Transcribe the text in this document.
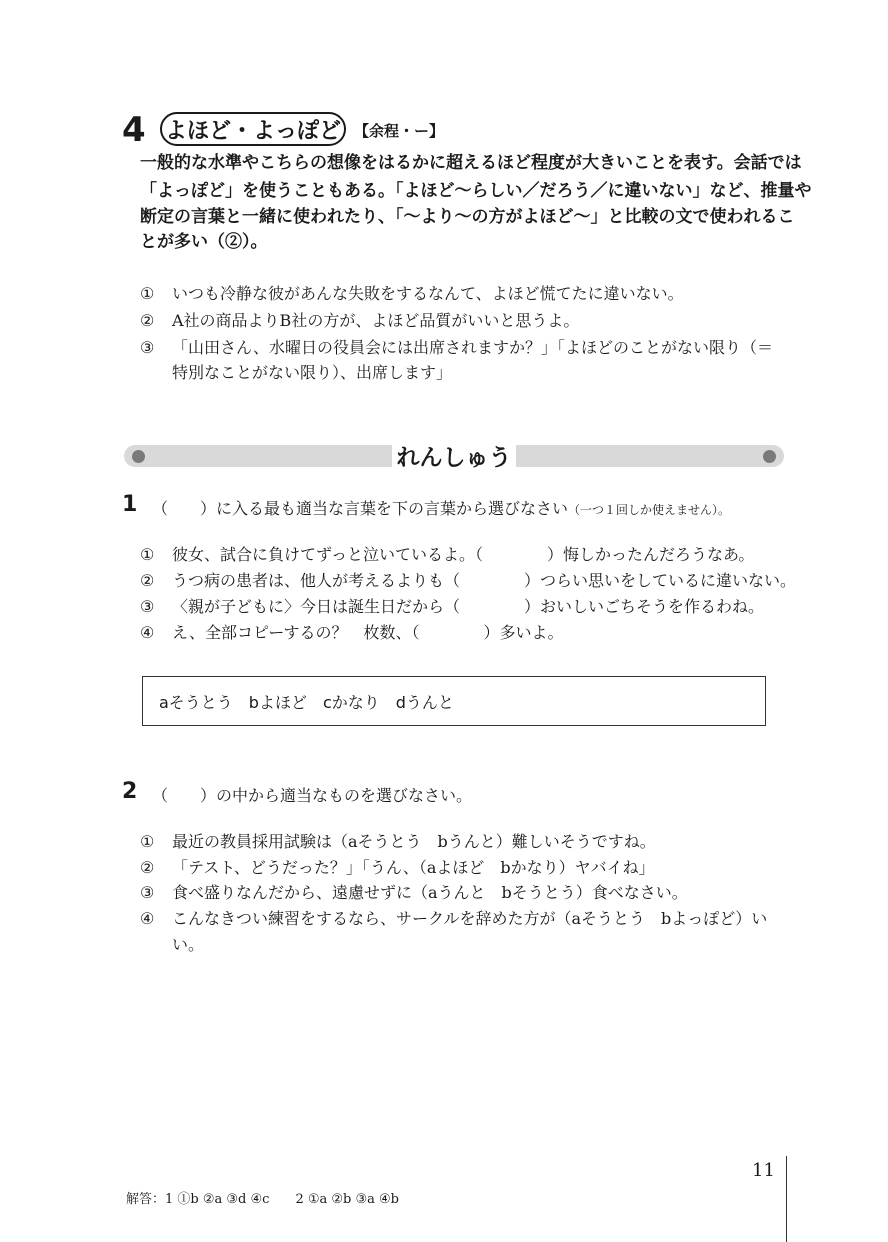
4 よほど・よっぽど 【余程・ー】
一般的な水準やこちらの想像をはるかに超えるほど程度が大きいことを表す。会話では
「よっぽど」を使うこともある。「よほど～らしい／だろう／に違いない」など、推量や
断定の言葉と一緒に使われたり、「～より～の方がよほど～」と比較の文で使われるこ
とが多い（②）。
① いつも冷静な彼があんな失敗をするなんて、よほど慌てたに違いない。
② A社の商品よりB社の方が、よほど品質がいいと思うよ。
③ 「山田さん、水曜日の役員会には出席されますか？」「よほどのことがない限り（＝
特別なことがない限り）、出席します」
れんしゅう
1 （　　）に入る最も適当な言葉を下の言葉から選びなさい（一つ１回しか使えません）。
① 彼女、試合に負けてずっと泣いているよ。（　　　　）悔しかったんだろうなあ。
② うつ病の患者は、他人が考えるよりも（　　　　）つらい思いをしているに違いない。
③ 〈親が子どもに〉今日は誕生日だから（　　　　）おいしいごちそうを作るわね。
④ え、全部コピーするの？　枚数、（　　　　）多いよ。
aそうとう　bよほど　cかなり　dうんと
2 （　　）の中から適当なものを選びなさい。
① 最近の教員採用試験は（aそうとう　bうんと）難しいそうですね。
② 「テスト、どうだった？」「うん、（aよほど　bかなり）ヤバイね」
③ 食べ盛りなんだから、遠慮せずに（aうんと　bそうとう）食べなさい。
④ こんなきつい練習をするなら、サークルを辞めた方が（aそうとう　bよっぽど）い
い。
11
解答：1 ①b ②a ③d ④c　　2 ①a ②b ③a ④b
